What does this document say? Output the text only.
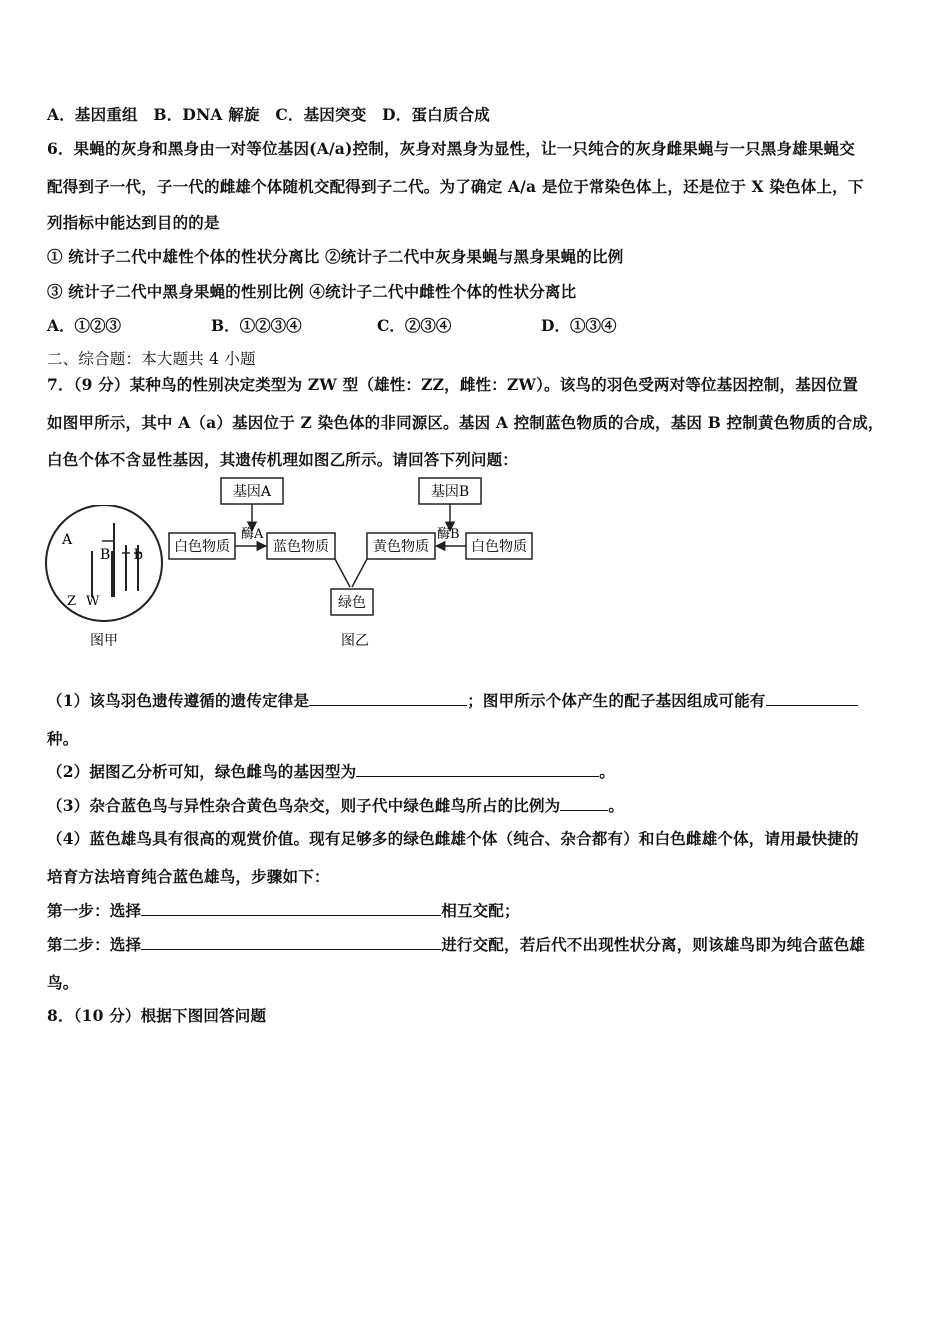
A．基因重组　B．DNA 解旋　C．基因突变　D．蛋白质合成
6．果蝇的灰身和黑身由一对等位基因(A/a)控制，灰身对黑身为显性，让一只纯合的灰身雌果蝇与一只黑身雄果蝇交
配得到子一代，子一代的雌雄个体随机交配得到子二代。为了确定 A/a 是位于常染色体上，还是位于 X 染色体上，下
列指标中能达到目的的是
① 统计子二代中雄性个体的性状分离比 ②统计子二代中灰身果蝇与黑身果蝇的比例
③ 统计子二代中黑身果蝇的性别比例 ④统计子二代中雌性个体的性状分离比
A．①②③	B．①②③④	C．②③④	D．①③④
二、综合题：本大题共 4 小题
7．（9 分）某种鸟的性别决定类型为 ZW 型（雄性：ZZ，雌性：ZW）。该鸟的羽色受两对等位基因控制，基因位置
如图甲所示，其中 A（a）基因位于 Z 染色体的非同源区。基因 A 控制蓝色物质的合成，基因 B 控制黄色物质的合成，
白色个体不含显性基因，其遗传机理如图乙所示。请回答下列问题：
A
B b
Z W
图甲
基因A	基因B
白色物质
酶A
蓝色物质	黄色物质
酶B
白色物质
绿色
图乙
（1）该鸟羽色遗传遵循的遗传定律是	；图甲所示个体产生的配子基因组成可能有
种。
（2）据图乙分析可知，绿色雌鸟的基因型为	。
（3）杂合蓝色鸟与异性杂合黄色鸟杂交，则子代中绿色雌鸟所占的比例为	。
（4）蓝色雄鸟具有很高的观赏价值。现有足够多的绿色雌雄个体（纯合、杂合都有）和白色雌雄个体，请用最快捷的
培育方法培育纯合蓝色雄鸟，步骤如下：
第一步：选择	相互交配；
第二步：选择	进行交配，若后代不出现性状分离，则该雄鸟即为纯合蓝色雄
鸟。
8．（10 分）根据下图回答问题
